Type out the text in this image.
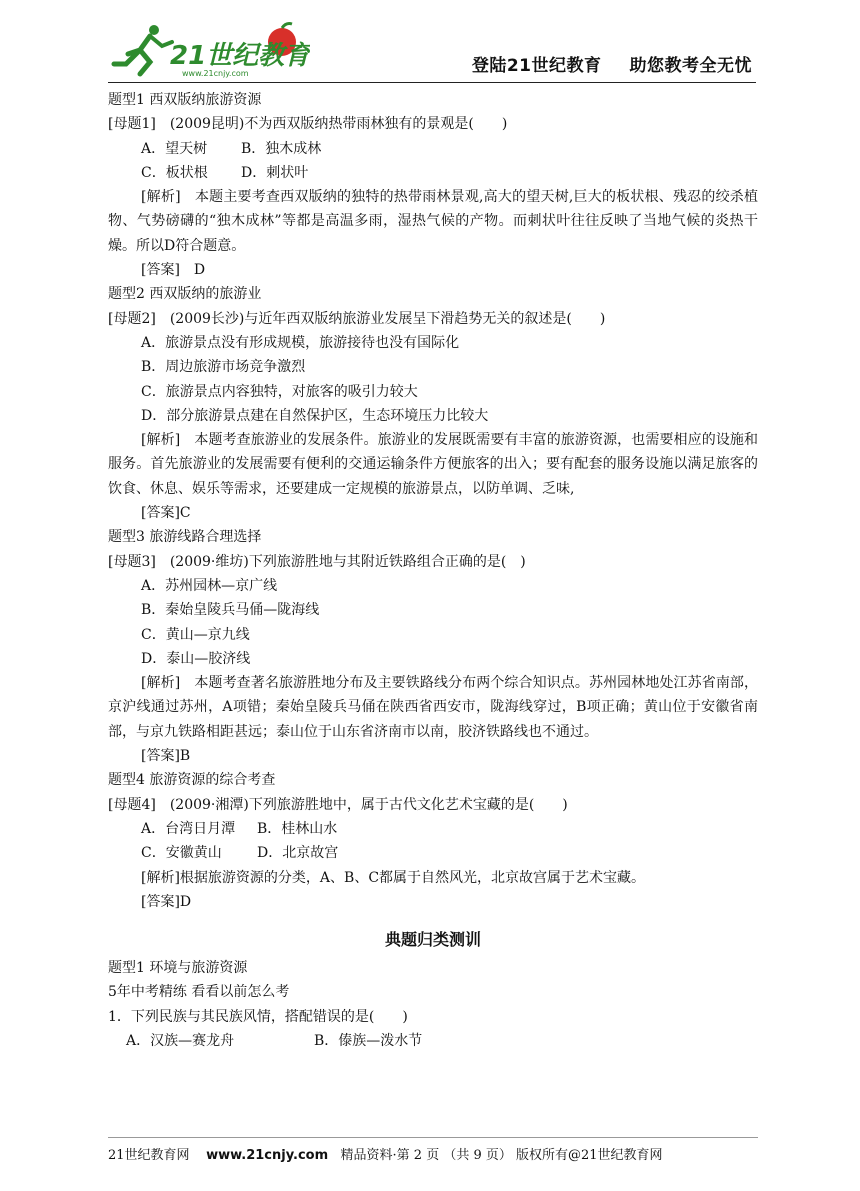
21世纪教育
www.21cnjy.com	登陆21世纪教育 助您教考全无忧
题型1 西双版纳旅游资源
[母题1]　(2009昆明)不为西双版纳热带雨林独有的景观是(　　)
A．望天树 B．独木成林
C．板状根 D．刺状叶
[解析]　本题主要考查西双版纳的独特的热带雨林景观,高大的望天树,巨大的板状根、残忍的绞杀植物、气势磅礴的“独木成林”等都是高温多雨，湿热气候的产物。而刺状叶往往反映了当地气候的炎热干燥。所以D符合题意。
[答案]　D
题型2 西双版纳的旅游业
[母题2]　(2009长沙)与近年西双版纳旅游业发展呈下滑趋势无关的叙述是(　　)
A．旅游景点没有形成规模，旅游接待也没有国际化
B．周边旅游市场竞争激烈
C．旅游景点内容独特，对旅客的吸引力较大
D．部分旅游景点建在自然保护区，生态环境压力比较大
[解析]　本题考查旅游业的发展条件。旅游业的发展既需要有丰富的旅游资源，也需要相应的设施和服务。首先旅游业的发展需要有便利的交通运输条件方便旅客的出入；要有配套的服务设施以满足旅客的饮食、休息、娱乐等需求，还要建成一定规模的旅游景点，以防单调、乏味,
[答案]C
题型3 旅游线路合理选择
[母题3]　(2009·维坊)下列旅游胜地与其附近铁路组合正确的是(　)
A．苏州园林—京广线
B．秦始皇陵兵马俑—陇海线
C．黄山—京九线
D．泰山—胶济线
[解析]　本题考查著名旅游胜地分布及主要铁路线分布两个综合知识点。苏州园林地处江苏省南部，京沪线通过苏州，A项错；秦始皇陵兵马俑在陕西省西安市，陇海线穿过，B项正确；黄山位于安徽省南部，与京九铁路相距甚远；泰山位于山东省济南市以南，胶济铁路线也不通过。
[答案]B
题型4 旅游资源的综合考查
[母题4]　(2009·湘潭)下列旅游胜地中，属于古代文化艺术宝藏的是(　　)
A．台湾日月潭 B．桂林山水
C．安徽黄山	D．北京故宫
[解析]根据旅游资源的分类，A、B、C都属于自然风光，北京故宫属于艺术宝藏。
[答案]D
典题归类测训
题型1 环境与旅游资源
5年中考精练 看看以前怎么考
1．下列民族与其民族风情，搭配错误的是(　　)
A．汉族—赛龙舟	B．傣族—泼水节
21世纪教育网 www.21cnjy.com 精品资料·第 2 页 （共 9 页） 版权所有@21世纪教育网
